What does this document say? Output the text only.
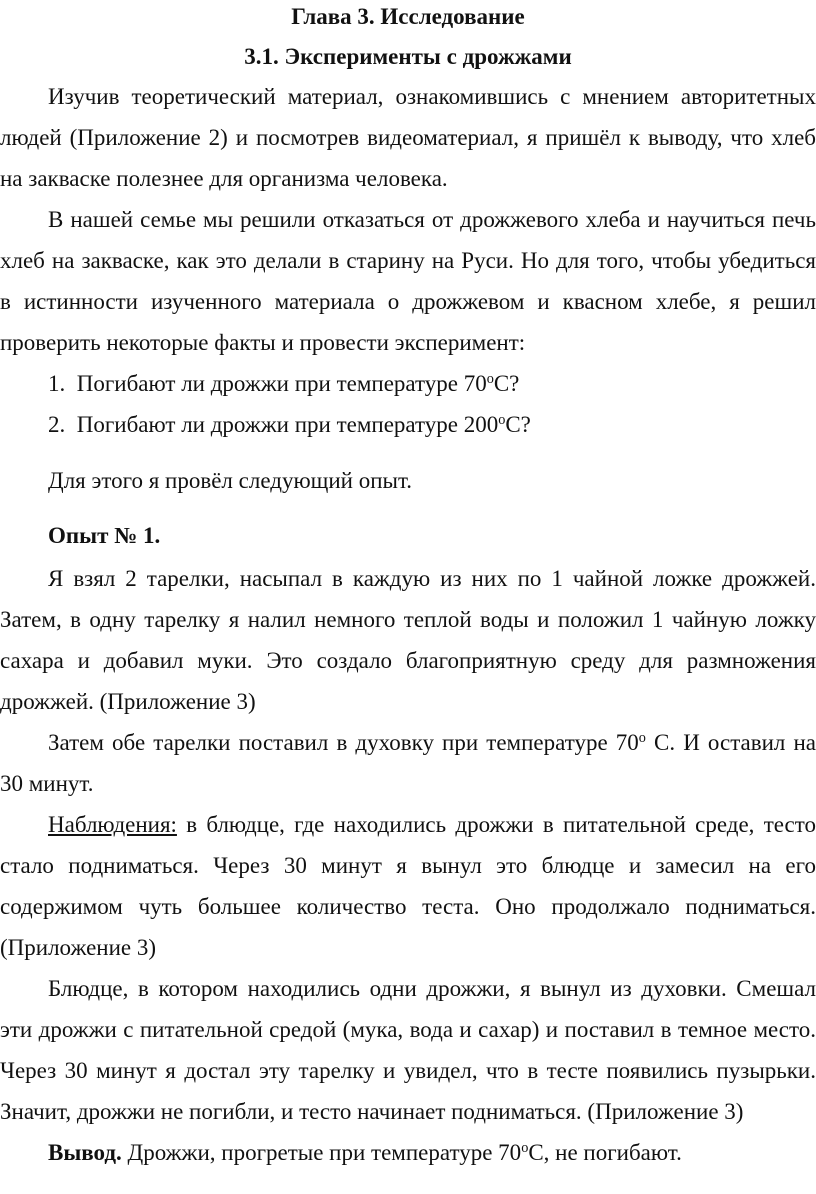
Глава 3. Исследование
3.1. Эксперименты с дрожжами
Изучив теоретический материал, ознакомившись с мнением авторитетных
людей (Приложение 2) и посмотрев видеоматериал, я пришёл к выводу, что хлеб
на закваске полезнее для организма человека.
В нашей семье мы решили отказаться от дрожжевого хлеба и научиться печь
хлеб на закваске, как это делали в старину на Руси. Но для того, чтобы убедиться
в истинности изученного материала о дрожжевом и квасном хлебе, я решил
проверить некоторые факты и провести эксперимент:
1. Погибают ли дрожжи при температуре $70^оС$?
2. Погибают ли дрожжи при температуре $200^оС$?
Для этого я провёл следующий опыт.
Опыт № 1.
Я взял 2 тарелки, насыпал в каждую из них по 1 чайной ложке дрожжей.
Затем, в одну тарелку я налил немного теплой воды и положил 1 чайную ложку
сахара и добавил муки. Это создало благоприятную среду для размножения
дрожжей. (Приложение 3)
Затем обе тарелки поставил в духовку при температуре $70^о$ С. И оставил на
30 минут.
Наблюдения: в блюдце, где находились дрожжи в питательной среде, тесто
стало подниматься. Через 30 минут я вынул это блюдце и замесил на его
содержимом чуть большее количество теста. Оно продолжало подниматься.
(Приложение 3)
Блюдце, в котором находились одни дрожжи, я вынул из духовки. Смешал
эти дрожжи с питательной средой (мука, вода и сахар) и поставил в темное место.
Через 30 минут я достал эту тарелку и увидел, что в тесте появились пузырьки.
Значит, дрожжи не погибли, и тесто начинает подниматься. (Приложение 3)
Вывод. Дрожжи, прогретые при температуре $70^оС$, не погибают.
